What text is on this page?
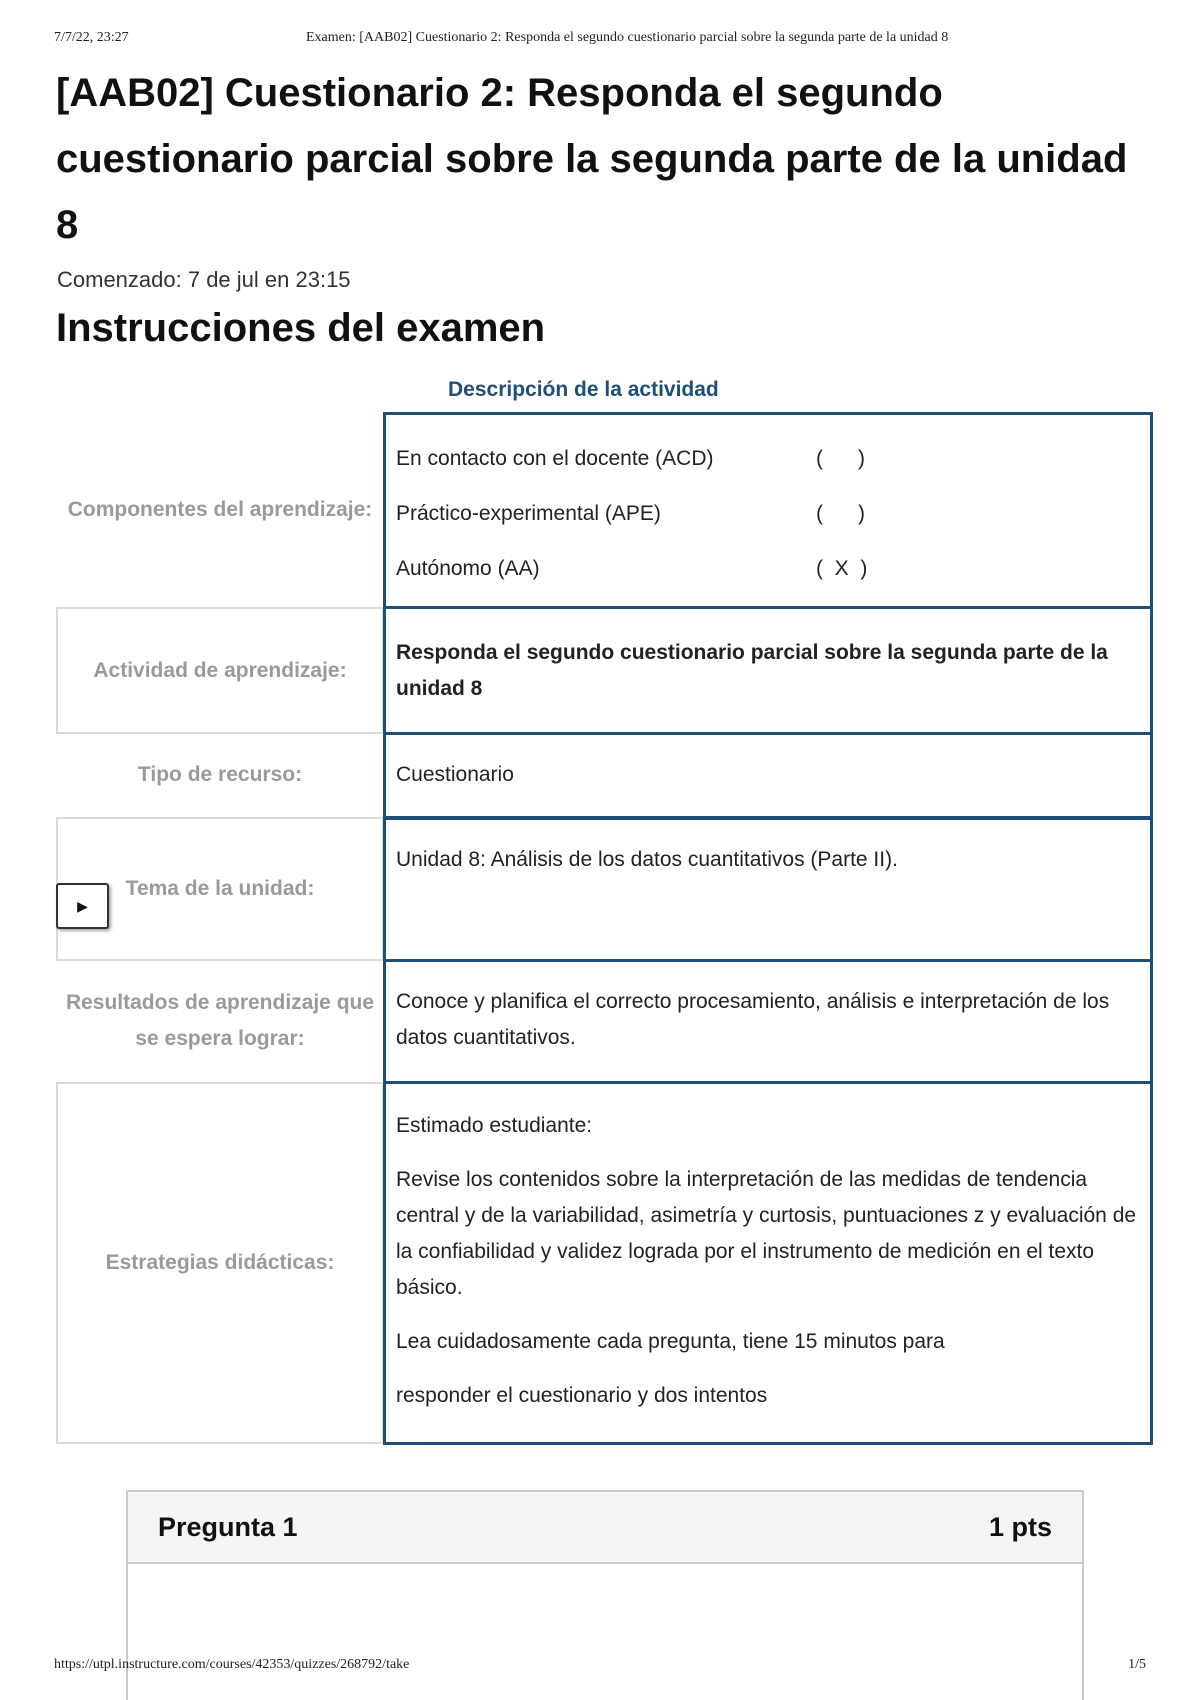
7/7/22, 23:27	Examen: [AAB02] Cuestionario 2: Responda el segundo cuestionario parcial sobre la segunda parte de la unidad 8
[AAB02] Cuestionario 2: Responda el segundo cuestionario parcial sobre la segunda parte de la unidad 8
Comenzado: 7 de jul en 23:15
Instrucciones del examen
Descripción de la actividad
Componentes del aprendizaje:
En contacto con el docente (ACD)	(      )
Práctico-experimental (APE)	(      )
Autónomo (AA)	(  X  )
Actividad de aprendizaje:
Responda el segundo cuestionario parcial sobre la segunda parte de la unidad 8
Tipo de recurso:	Cuestionario
Tema de la unidad:
Unidad 8: Análisis de los datos cuantitativos (Parte II).
Resultados de aprendizaje que se espera lograr:
Conoce y planifica el correcto procesamiento, análisis e interpretación de los datos cuantitativos.
Estrategias didácticas:

Estimado estudiante:

Revise los contenidos sobre la interpretación de las medidas de tendencia central y de la variabilidad, asimetría y curtosis, puntuaciones z y evaluación de la confiabilidad y validez lograda por el instrumento de medición en el texto básico.

Lea cuidadosamente cada pregunta, tiene 15 minutos para

responder el cuestionario y dos intentos

▶
Pregunta 1	1 pts
https://utpl.instructure.com/courses/42353/quizzes/268792/take	1/5
